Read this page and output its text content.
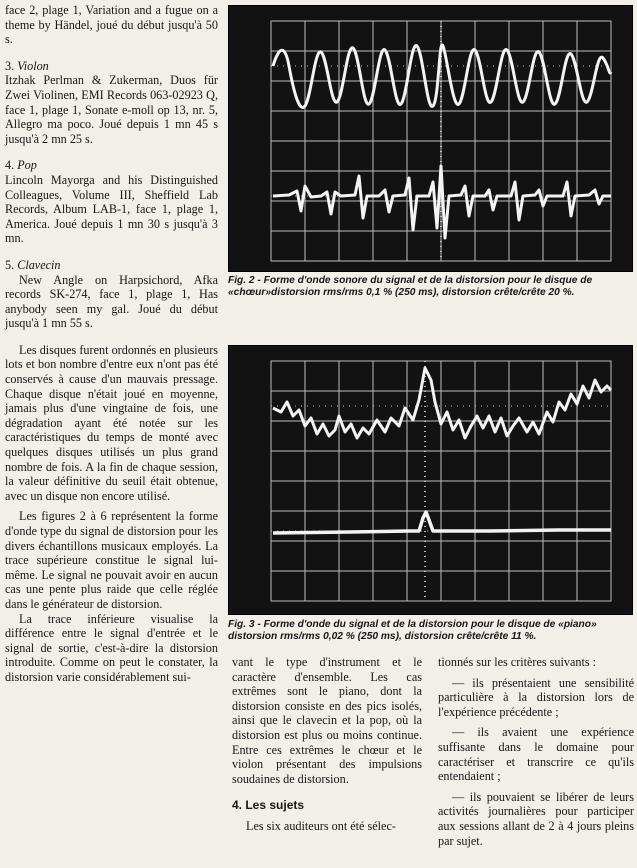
face 2, plage 1, Variation and a fugue on a theme by Händel, joué du début jusqu'à 50 s.

3. Violon

Itzhak Perlman & Zukerman, Duos für Zwei Violinen, EMI Records 063-02923 Q, face 1, plage 1, Sonate e-moll op 13, nr. 5, Allegro ma poco. Joué depuis 1 mn 45 s jusqu'à 2 mn 25 s.

4. Pop

Lincoln Mayorga and his Distinguished Colleagues, Volume III, Sheffield Lab Records, Album LAB-1, face 1, plage 1, America. Joué depuis 1 mn 30 s jusqu'à 3 mn.

5. Clavecin

New Angle on Harpsichord, Afka records SK-274, face 1, plage 1, Has anybody seen my gal. Joué du début jusqu'à 1 mn 55 s.

Les disques furent ordonnés en plusieurs lots et bon nombre d'entre eux n'ont pas été conservés à cause d'un mauvais pressage. Chaque disque n'était joué en moyenne, jamais plus d'une vingtaine de fois, une dégradation ayant été notée sur les caractéristiques du temps de monté avec quelques disques utilisés un plus grand nombre de fois. A la fin de chaque session, la valeur définitive du seuil était obtenue, avec un disque non encore utilisé.

Les figures 2 à 6 représentent la forme d'onde type du signal de distorsion pour les divers échantillons musicaux employés. La trace supérieure constitue le signal lui-même. Le signal ne pouvait avoir en aucun cas une pente plus raide que celle réglée dans le générateur de distorsion.

La trace inférieure visualise la différence entre le signal d'entrée et le signal de sortie, c'est-à-dire la distorsion introduite. Comme on peut le constater, la distorsion varie considérablement sui-

Fig. 2 - Forme d'onde sonore du signal et de la distorsion pour le disque de «chœur»distorsion rms/rms 0,1 % (250 ms), distorsion crête/crête 20 %.
Fig. 3 - Forme d'onde du signal et de la distorsion pour le disque de «piano» distorsion rms/rms 0,02 % (250 ms), distorsion crête/crête 11 %.

vant le type d'instrument et le caractère d'ensemble. Les cas extrêmes sont le piano, dont la distorsion consiste en des pics isolés, ainsi que le clavecin et la pop, où la distorsion est plus ou moins continue. Entre ces extrêmes le chœur et le violon présentant des impulsions soudaines de distorsion.

4. Les sujets

Les six auditeurs ont été sélec-

tionnés sur les critères suivants :

— ils présentaient une sensibilité particulière à la distorsion lors de l'expérience précédente ;

— ils avaient une expérience suffisante dans le domaine pour caractériser et transcrire ce qu'ils entendaient ;

— ils pouvaient se libérer de leurs activités journalières pour participer aux sessions allant de 2 à 4 jours pleins par sujet.
